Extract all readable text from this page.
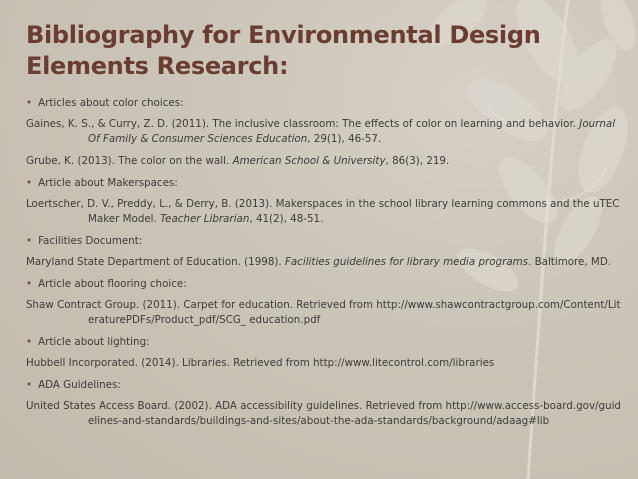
Bibliography for Environmental Design
Elements Research:
• Articles about color choices:
Gaines, K. S., & Curry, Z. D. (2011). The inclusive classroom: The effects of color on learning and behavior. Journal Of Family & Consumer Sciences Education, 29(1), 46-57.
Grube, K. (2013). The color on the wall. American School & University, 86(3), 219.
• Article about Makerspaces:
Loertscher, D. V., Preddy, L., & Derry, B. (2013). Makerspaces in the school library learning commons and the uTEC Maker Model. Teacher Librarian, 41(2), 48-51.
• Facilities Document:
Maryland State Department of Education. (1998). Facilities guidelines for library media programs. Baltimore, MD.
• Article about flooring choice:
Shaw Contract Group. (2011). Carpet for education. Retrieved from http://www.shawcontractgroup.com/Content/LiteraturePDFs/Product_pdf/SCG_ education.pdf
• Article about lighting:
Hubbell Incorporated. (2014). Libraries. Retrieved from http://www.litecontrol.com/libraries
• ADA Guidelines:
United States Access Board. (2002). ADA accessibility guidelines. Retrieved from http://www.access-board.gov/guidelines-and-standards/buildings-and-sites/about-the-ada-standards/background/adaag#lib
